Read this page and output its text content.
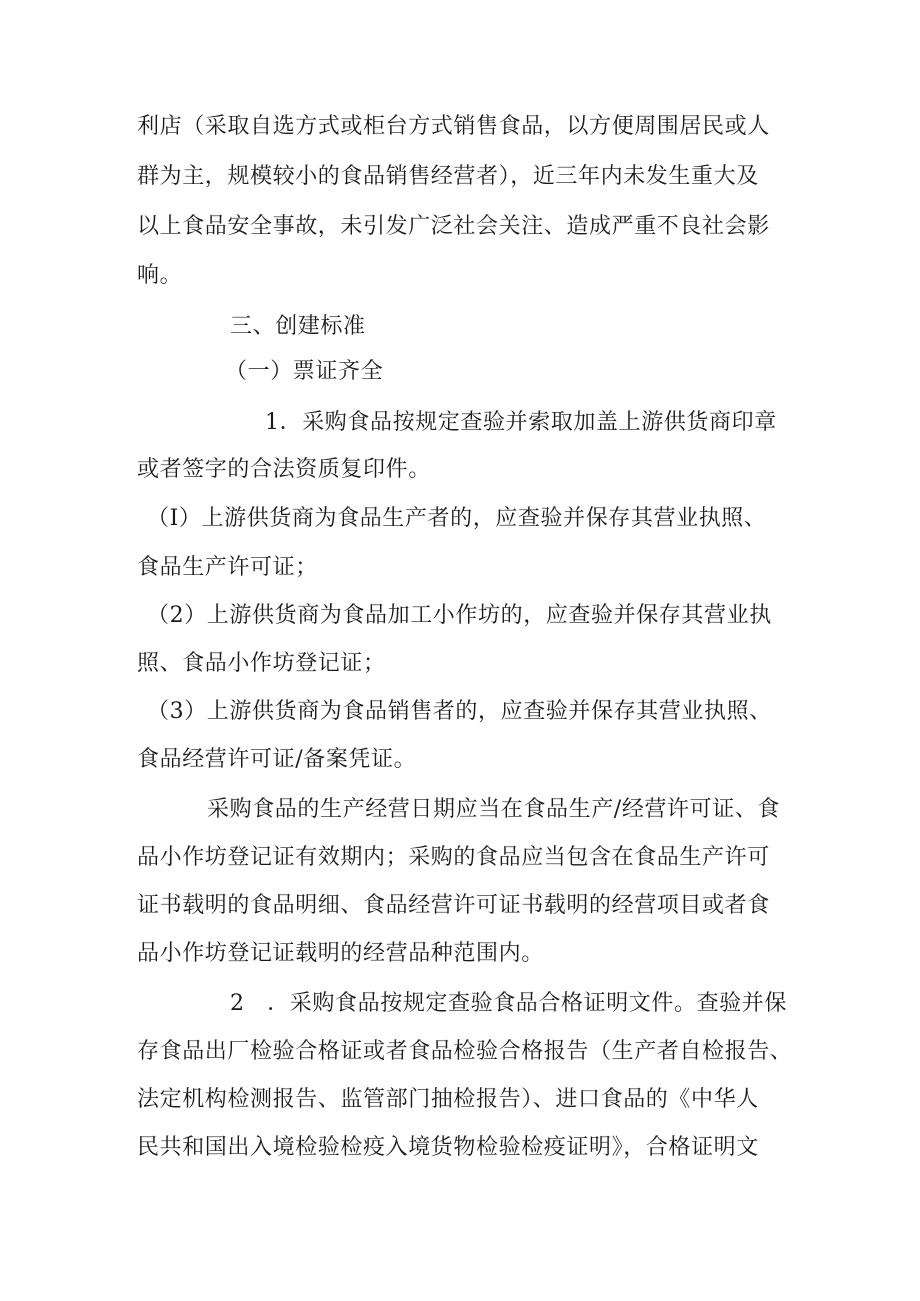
利店（采取自选方式或柜台方式销售食品，以方便周围居民或人
群为主，规模较小的食品销售经营者），近三年内未发生重大及
以上食品安全事故，未引发广泛社会关注、造成严重不良社会影
响。
三、创建标准
（一）票证齐全
1．采购食品按规定查验并索取加盖上游供货商印章
或者签字的合法资质复印件。
（I）上游供货商为食品生产者的，应查验并保存其营业执照、
食品生产许可证；
（2）上游供货商为食品加工小作坊的，应查验并保存其营业执
照、食品小作坊登记证；
（3）上游供货商为食品销售者的，应查验并保存其营业执照、
食品经营许可证/备案凭证。
采购食品的生产经营日期应当在食品生产/经营许可证、食
品小作坊登记证有效期内；采购的食品应当包含在食品生产许可
证书载明的食品明细、食品经营许可证书载明的经营项目或者食
品小作坊登记证载明的经营品种范围内。
2　．采购食品按规定查验食品合格证明文件。查验并保
存食品出厂检验合格证或者食品检验合格报告（生产者自检报告、
法定机构检测报告、监管部门抽检报告）、进口食品的《中华人
民共和国出入境检验检疫入境货物检验检疫证明》，合格证明文
